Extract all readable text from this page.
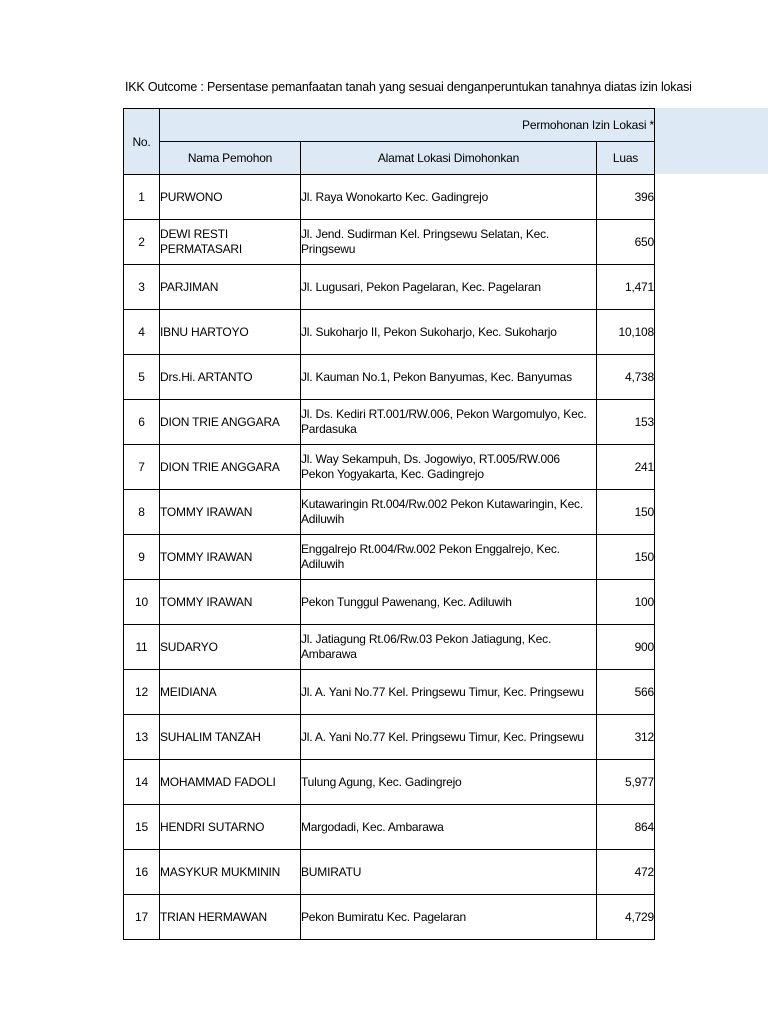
IKK Outcome : Persentase pemanfaatan tanah yang sesuai denganperuntukan tanahnya diatas izin lokasi
No.	Permohonan Izin Lokasi *		
	Nama Pemohon	Alamat Lokasi Dimohonkan	Luas
1	PURWONO	Jl. Raya Wonokarto Kec. Gadingrejo	396
2	DEWI RESTI PERMATASARI	Jl. Jend. Sudirman Kel. Pringsewu Selatan, Kec. Pringsewu	650
3	PARJIMAN	Jl. Lugusari, Pekon Pagelaran, Kec. Pagelaran	1,471
4	IBNU HARTOYO	Jl. Sukoharjo II, Pekon Sukoharjo, Kec. Sukoharjo	10,108
5	Drs.Hi. ARTANTO	Jl. Kauman No.1, Pekon Banyumas, Kec. Banyumas	4,738
6	DION TRIE ANGGARA	Jl. Ds. Kediri RT.001/RW.006, Pekon Wargomulyo, Kec. Pardasuka	153
7	DION TRIE ANGGARA	Jl. Way Sekampuh, Ds. Jogowiyo, RT.005/RW.006 Pekon Yogyakarta, Kec. Gadingrejo	241
8	TOMMY IRAWAN	Kutawaringin Rt.004/Rw.002 Pekon Kutawaringin, Kec. Adiluwih	150
9	TOMMY IRAWAN	Enggalrejo Rt.004/Rw.002 Pekon Enggalrejo, Kec. Adiluwih	150
10	TOMMY IRAWAN	Pekon Tunggul Pawenang, Kec. Adiluwih	100
11	SUDARYO	Jl. Jatiagung Rt.06/Rw.03 Pekon Jatiagung, Kec. Ambarawa	900
12	MEIDIANA	Jl. A. Yani No.77 Kel. Pringsewu Timur, Kec. Pringsewu	566
13	SUHALIM TANZAH	Jl. A. Yani No.77 Kel. Pringsewu Timur, Kec. Pringsewu	312
14	MOHAMMAD FADOLI	Tulung Agung, Kec. Gadingrejo	5,977
15	HENDRI SUTARNO	Margodadi, Kec. Ambarawa	864
16	MASYKUR MUKMININ	BUMIRATU	472
17	TRIAN HERMAWAN	Pekon Bumiratu Kec. Pagelaran	4,729
